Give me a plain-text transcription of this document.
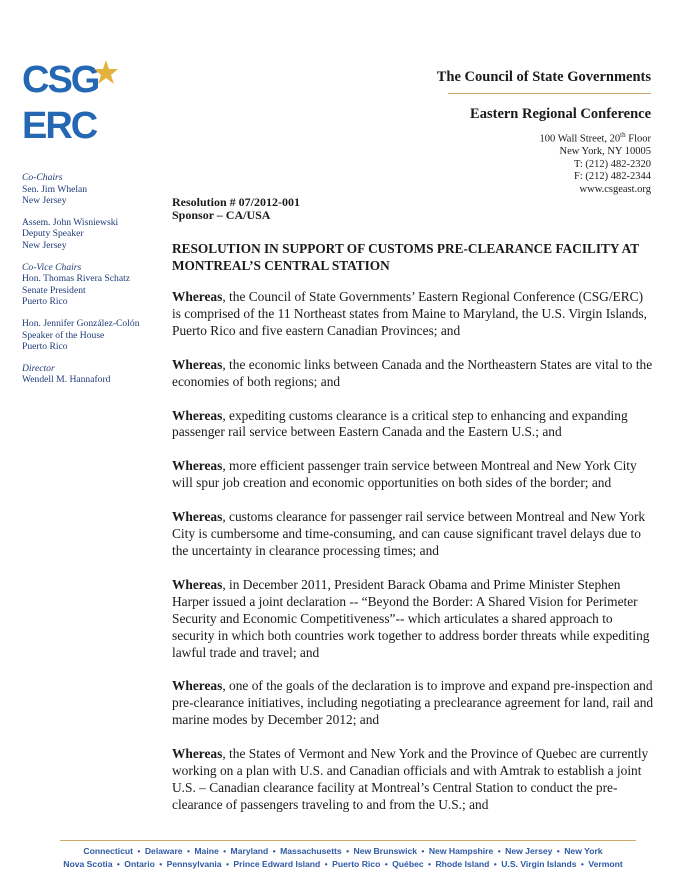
CSG
ERC
The Council of State Governments
Eastern Regional Conference
100 Wall Street, 20th Floor
New York, NY 10005
T: (212) 482-2320
F: (212) 482-2344
www.csgeast.org
Co-Chairs
Sen. Jim Whelan
New Jersey
Assem. John Wisniewski
Deputy Speaker
New Jersey
Co-Vice Chairs
Hon. Thomas Rivera Schatz
Senate President
Puerto Rico
Hon. Jennifer González-Colón
Speaker of the House
Puerto Rico
Director
Wendell M. Hannaford
Resolution # 07/2012-001
Sponsor – CA/USA
RESOLUTION IN SUPPORT OF CUSTOMS PRE-CLEARANCE FACILITY AT MONTREAL’S CENTRAL STATION

Whereas, the Council of State Governments’ Eastern Regional Conference (CSG/ERC) is comprised of the 11 Northeast states from Maine to Maryland, the U.S. Virgin Islands, Puerto Rico and five eastern Canadian Provinces; and

Whereas, the economic links between Canada and the Northeastern States are vital to the economies of both regions; and

Whereas, expediting customs clearance is a critical step to enhancing and expanding passenger rail service between Eastern Canada and the Eastern U.S.; and

Whereas, more efficient passenger train service between Montreal and New York City will spur job creation and economic opportunities on both sides of the border; and

Whereas, customs clearance for passenger rail service between Montreal and New York City is cumbersome and time-consuming, and can cause significant travel delays due to the uncertainty in clearance processing times; and

Whereas, in December 2011, President Barack Obama and Prime Minister Stephen Harper issued a joint declaration -- “Beyond the Border: A Shared Vision for Perimeter Security and Economic Competitiveness”-- which articulates a shared approach to security in which both countries work together to address border threats while expediting lawful trade and travel; and

Whereas, one of the goals of the declaration is to improve and expand pre-inspection and pre-clearance initiatives, including negotiating a preclearance agreement for land, rail and marine modes by December 2012; and

Whereas, the States of Vermont and New York and the Province of Quebec are currently working on a plan with U.S. and Canadian officials and with Amtrak to establish a joint U.S. – Canadian clearance facility at Montreal’s Central Station to conduct the pre-clearance of passengers traveling to and from the U.S.; and

Connecticut • Delaware • Maine • Maryland • Massachusetts • New Brunswick • New Hampshire • New Jersey • New York
Nova Scotia • Ontario • Pennsylvania • Prince Edward Island • Puerto Rico • Québec • Rhode Island • U.S. Virgin Islands • Vermont
